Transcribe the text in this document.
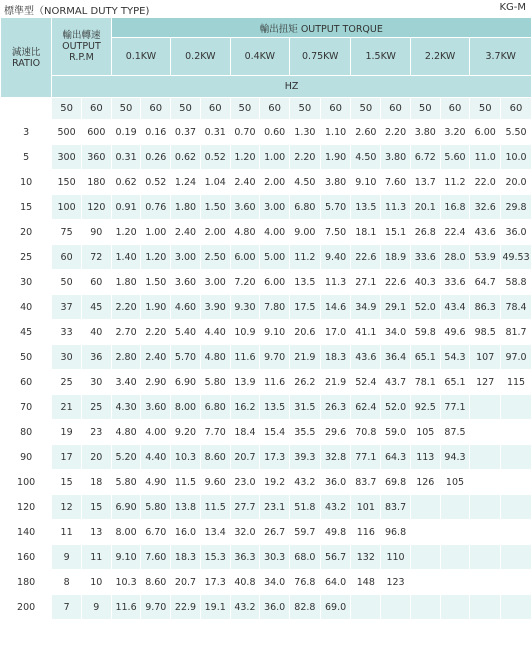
標準型（NORMAL DUTY TYPE)	KG-M
減速比
RATIO	輸出轉速
OUTPUT
R.P.M		輸出扭矩 OUTPUT TORQUE													
			0.1KW		0.2KW		0.4KW		0.75KW		1.5KW		2.2KW		3.7KW	
	HZ															
	50	60	50	60	50	60	50	60	50	60	50	60	50	60	50	60
3	500	600	0.19	0.16	0.37	0.31	0.70	0.60	1.30	1.10	2.60	2.20	3.80	3.20	6.00	5.50
5	300	360	0.31	0.26	0.62	0.52	1.20	1.00	2.20	1.90	4.50	3.80	6.72	5.60	11.0	10.0
10	150	180	0.62	0.52	1.24	1.04	2.40	2.00	4.50	3.80	9.10	7.60	13.7	11.2	22.0	20.0
15	100	120	0.91	0.76	1.80	1.50	3.60	3.00	6.80	5.70	13.5	11.3	20.1	16.8	32.6	29.8
20	75	90	1.20	1.00	2.40	2.00	4.80	4.00	9.00	7.50	18.1	15.1	26.8	22.4	43.6	36.0
25	60	72	1.40	1.20	3.00	2.50	6.00	5.00	11.2	9.40	22.6	18.9	33.6	28.0	53.9	49.53
30	50	60	1.80	1.50	3.60	3.00	7.20	6.00	13.5	11.3	27.1	22.6	40.3	33.6	64.7	58.8
40	37	45	2.20	1.90	4.60	3.90	9.30	7.80	17.5	14.6	34.9	29.1	52.0	43.4	86.3	78.4
45	33	40	2.70	2.20	5.40	4.40	10.9	9.10	20.6	17.0	41.1	34.0	59.8	49.6	98.5	81.7
50	30	36	2.80	2.40	5.70	4.80	11.6	9.70	21.9	18.3	43.6	36.4	65.1	54.3	107	97.0
60	25	30	3.40	2.90	6.90	5.80	13.9	11.6	26.2	21.9	52.4	43.7	78.1	65.1	127	115
70	21	25	4.30	3.60	8.00	6.80	16.2	13.5	31.5	26.3	62.4	52.0	92.5	77.1		
80	19	23	4.80	4.00	9.20	7.70	18.4	15.4	35.5	29.6	70.8	59.0	105	87.5		
90	17	20	5.20	4.40	10.3	8.60	20.7	17.3	39.3	32.8	77.1	64.3	113	94.3		
100	15	18	5.80	4.90	11.5	9.60	23.0	19.2	43.2	36.0	83.7	69.8	126	105		
120	12	15	6.90	5.80	13.8	11.5	27.7	23.1	51.8	43.2	101	83.7				
140	11	13	8.00	6.70	16.0	13.4	32.0	26.7	59.7	49.8	116	96.8				
160	9	11	9.10	7.60	18.3	15.3	36.3	30.3	68.0	56.7	132	110				
180	8	10	10.3	8.60	20.7	17.3	40.8	34.0	76.8	64.0	148	123				
200	7	9	11.6	9.70	22.9	19.1	43.2	36.0	82.8	69.0						
